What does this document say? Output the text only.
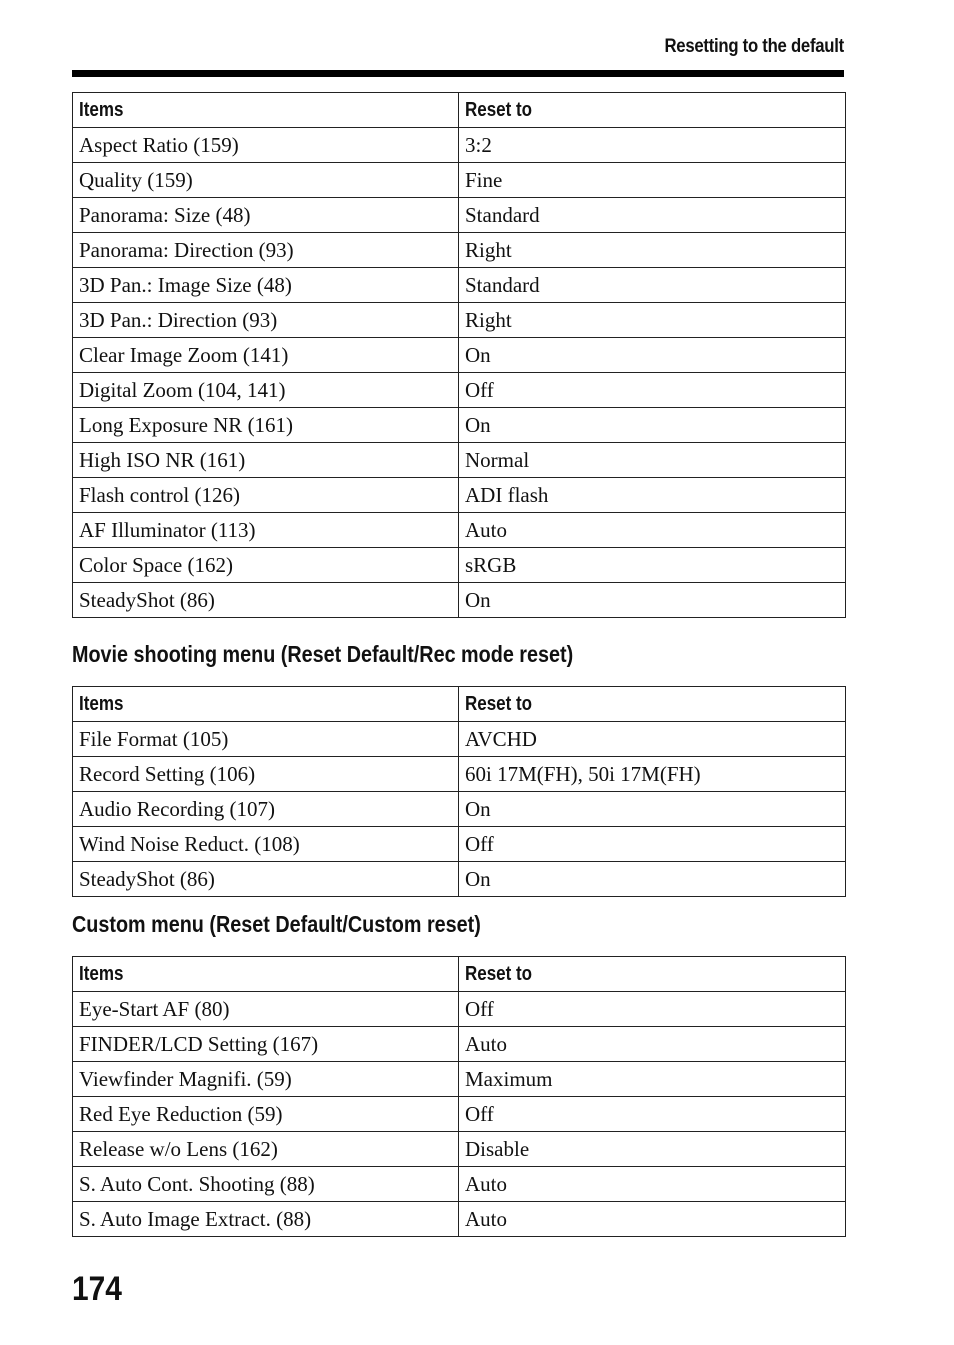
Resetting to the default
Items	Reset to
Aspect Ratio (159)	3:2
Quality (159)	Fine
Panorama: Size (48)	Standard
Panorama: Direction (93)	Right
3D Pan.: Image Size (48)	Standard
3D Pan.: Direction (93)	Right
Clear Image Zoom (141)	On
Digital Zoom (104, 141)	Off
Long Exposure NR (161)	On
High ISO NR (161)	Normal
Flash control (126)	ADI flash
AF Illuminator (113)	Auto
Color Space (162)	sRGB
SteadyShot (86)	On
Movie shooting menu (Reset Default/Rec mode reset)
Items	Reset to
File Format (105)	AVCHD
Record Setting (106)	60i 17M(FH), 50i 17M(FH)
Audio Recording (107)	On
Wind Noise Reduct. (108)	Off
SteadyShot (86)	On
Custom menu (Reset Default/Custom reset)
Items	Reset to
Eye-Start AF (80)	Off
FINDER/LCD Setting (167)	Auto
Viewfinder Magnifi. (59)	Maximum
Red Eye Reduction (59)	Off
Release w/o Lens (162)	Disable
S. Auto Cont. Shooting (88)	Auto
S. Auto Image Extract. (88)	Auto
174
